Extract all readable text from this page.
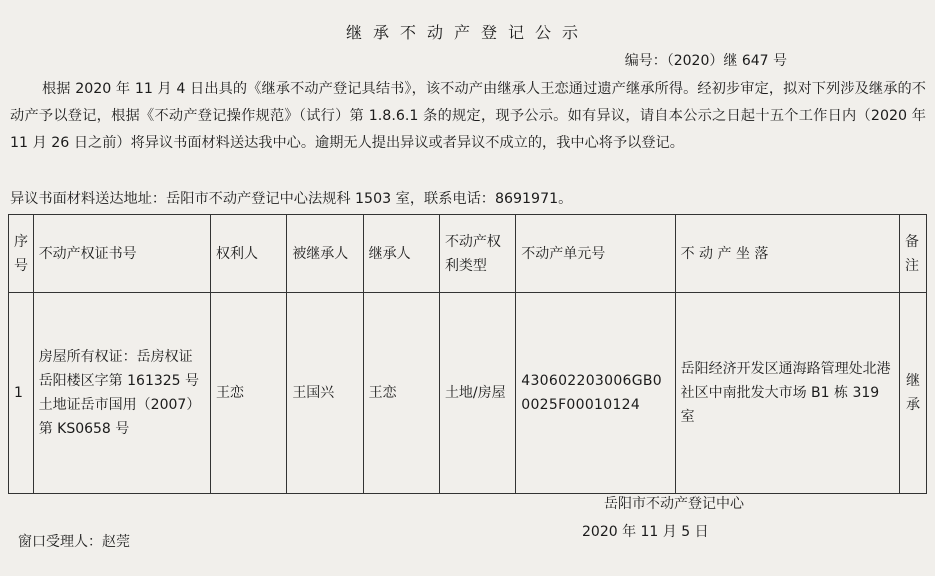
继承不动产登记公示
编号：（2020）继 647 号

根据 2020 年 11 月 4 日出具的《继承不动产登记具结书》，该不动产由继承人王恋通过遗产继承所得。经初步审定，拟对下列涉及继承的不动产予以登记，根据《不动产登记操作规范》（试行）第 1.8.6.1 条的规定，现予公示。如有异议，请自本公示之日起十五个工作日内（2020 年 11 月 26 日之前）将异议书面材料送达我中心。逾期无人提出异议或者异议不成立的，我中心将予以登记。

异议书面材料送达地址：岳阳市不动产登记中心法规科 1503 室，联系电话：8691971。
序号	不动产权证书号	权利人	被继承人	继承人	不动产权利类型	不动产单元号	不 动 产 坐 落	备注
1	房屋所有权证：岳房权证岳阳楼区字第 161325 号土地证岳市国用（2007）第 KS0658 号	王恋	王国兴	王恋	土地/房屋	430602203006GB00025F00010124	岳阳经济开发区通海路管理处北港社区中南批发大市场 B1 栋 319 室	继承
岳阳市不动产登记中心
2020 年 11 月 5 日
窗口受理人：赵莞
